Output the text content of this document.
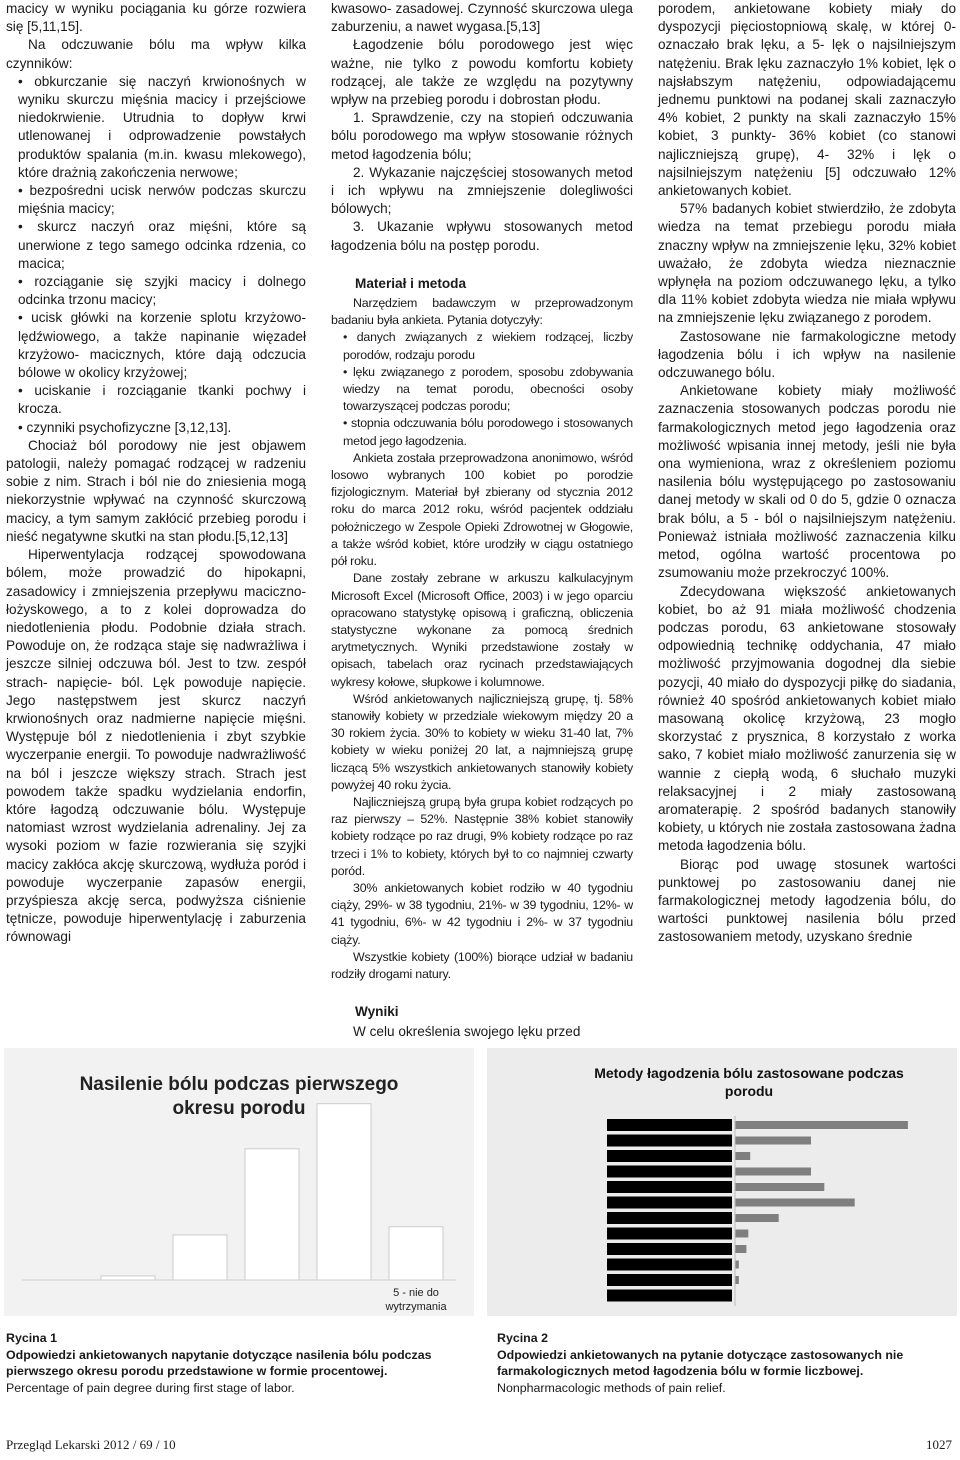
macicy w wyniku pociągania ku górze rozwiera się [5,11,15].

Na odczuwanie bólu ma wpływ kilka czynników:

• obkurczanie się naczyń krwionośnych w wyniku skurczu mięśnia macicy i przejściowe niedokrwienie. Utrudnia to dopływ krwi utlenowanej i odprowadzenie powstałych produktów spalania (m.in. kwasu mlekowego), które drażnią zakończenia nerwowe;

• bezpośredni ucisk nerwów podczas skurczu mięśnia macicy;

• skurcz naczyń oraz mięśni, które są unerwione z tego samego odcinka rdzenia, co macica;

• rozciąganie się szyjki macicy i dolnego odcinka trzonu macicy;

• ucisk główki na korzenie splotu krzyżowo-lędźwiowego, a także napinanie więzadeł krzyżowo- macicznych, które dają odczucia bólowe w okolicy krzyżowej;

• uciskanie i rozciąganie tkanki pochwy i krocza.

• czynniki psychofizyczne [3,12,13].

Chociaż ból porodowy nie jest objawem patologii, należy pomagać rodzącej w radzeniu sobie z nim. Strach i ból nie do zniesienia mogą niekorzystnie wpływać na czynność skurczową macicy, a tym samym zakłócić przebieg porodu i nieść negatywne skutki na stan płodu.[5,12,13]

Hiperwentylacja rodzącej spowodowana bólem, może prowadzić do hipokapni, zasadowicy i zmniejszenia przepływu maciczno-łożyskowego, a to z kolei doprowadza do niedotlenienia płodu. Podobnie działa strach. Powoduje on, że rodząca staje się nadwrażliwa i jeszcze silniej odczuwa ból. Jest to tzw. zespół strach- napięcie- ból. Lęk powoduje napięcie. Jego następstwem jest skurcz naczyń krwionośnych oraz nadmierne napięcie mięśni. Występuje ból z niedotlenienia i zbyt szybkie wyczerpanie energii. To powoduje nadwrażliwość na ból i jeszcze większy strach. Strach jest powodem także spadku wydzielania endorfin, które łagodzą odczuwanie bólu. Występuje natomiast wzrost wydzielania adrenaliny. Jej za wysoki poziom w fazie rozwierania się szyjki macicy zakłóca akcję skurczową, wydłuża poród i powoduje wyczerpanie zapasów energii, przyśpiesza akcję serca, podwyższa ciśnienie tętnicze, powoduje hiperwentylację i zaburzenia równowagi

kwasowo- zasadowej. Czynność skurczowa ulega zaburzeniu, a nawet wygasa.[5,13]

Łagodzenie bólu porodowego jest więc ważne, nie tylko z powodu komfortu kobiety rodzącej, ale także ze względu na pozytywny wpływ na przebieg porodu i dobrostan płodu.

1. Sprawdzenie, czy na stopień odczuwania bólu porodowego ma wpływ stosowanie różnych metod łagodzenia bólu;

2. Wykazanie najczęściej stosowanych metod i ich wpływu na zmniejszenie dolegliwości bólowych;

3. Ukazanie wpływu stosowanych metod łagodzenia bólu na postęp porodu.

Materiał i metoda

Narzędziem badawczym w przeprowadzonym badaniu była ankieta. Pytania dotyczyły:

• danych związanych z wiekiem rodzącej, liczby porodów, rodzaju porodu

• lęku związanego z porodem, sposobu zdobywania wiedzy na temat porodu, obecności osoby towarzyszącej podczas porodu;

• stopnia odczuwania bólu porodowego i stosowanych metod jego łagodzenia.

Ankieta została przeprowadzona anonimowo, wśród losowo wybranych 100 kobiet po porodzie fizjologicznym. Materiał był zbierany od stycznia 2012 roku do marca 2012 roku, wśród pacjentek oddziału położniczego w Zespole Opieki Zdrowotnej w Głogowie, a także wśród kobiet, które urodziły w ciągu ostatniego pół roku.

Dane zostały zebrane w arkuszu kalkulacyjnym Microsoft Excel (Microsoft Office, 2003) i w jego oparciu opracowano statystykę opisową i graficzną, obliczenia statystyczne wykonane za pomocą średnich arytmetycznych. Wyniki przedstawione zostały w opisach, tabelach oraz rycinach przedstawiających wykresy kołowe, słupkowe i kolumnowe.

Wśród ankietowanych najliczniejszą grupę, tj. 58% stanowiły kobiety w przedziale wiekowym między 20 a 30 rokiem życia. 30% to kobiety w wieku 31-40 lat, 7% kobiety w wieku poniżej 20 lat, a najmniejszą grupę liczącą 5% wszystkich ankietowanych stanowiły kobiety powyżej 40 roku życia.

Najliczniejszą grupą była grupa kobiet rodzących po raz pierwszy – 52%. Następnie 38% kobiet stanowiły kobiety rodzące po raz drugi, 9% kobiety rodzące po raz trzeci i 1% to kobiety, których był to co najmniej czwarty poród.

30% ankietowanych kobiet rodziło w 40 tygodniu ciąży, 29%- w 38 tygodniu, 21%- w 39 tygodniu, 12%- w 41 tygodniu, 6%- w 42 tygodniu i 2%- w 37 tygodniu ciąży.

Wszystkie kobiety (100%) biorące udział w badaniu rodziły drogami natury.

Wyniki

W celu określenia swojego lęku przed

porodem, ankietowane kobiety miały do dyspozycji pięciostopniową skalę, w której 0- oznaczało brak lęku, a 5- lęk o najsilniejszym natężeniu. Brak lęku zaznaczyło 1% kobiet, lęk o najsłabszym natężeniu, odpowiadającemu jednemu punktowi na podanej skali zaznaczyło 4% kobiet, 2 punkty na skali zaznaczyło 15% kobiet, 3 punkty- 36% kobiet (co stanowi najliczniejszą grupę), 4- 32% i lęk o najsilniejszym natężeniu [5] odczuwało 12% ankietowanych kobiet.

57% badanych kobiet stwierdziło, że zdobyta wiedza na temat przebiegu porodu miała znaczny wpływ na zmniejszenie lęku, 32% kobiet uważało, że zdobyta wiedza nieznacznie wpłynęła na poziom odczuwanego lęku, a tylko dla 11% kobiet zdobyta wiedza nie miała wpływu na zmniejszenie lęku związanego z porodem.

Zastosowane nie farmakologiczne metody łagodzenia bólu i ich wpływ na nasilenie odczuwanego bólu.

Ankietowane kobiety miały możliwość zaznaczenia stosowanych podczas porodu nie farmakologicznych metod jego łagodzenia oraz możliwość wpisania innej metody, jeśli nie była ona wymieniona, wraz z określeniem poziomu nasilenia bólu występującego po zastosowaniu danej metody w skali od 0 do 5, gdzie 0 oznacza brak bólu, a 5 - ból o najsilniejszym natężeniu. Ponieważ istniała możliwość zaznaczenia kilku metod, ogólna wartość procentowa po zsumowaniu może przekroczyć 100%.

Zdecydowana większość ankietowanych kobiet, bo aż 91 miała możliwość chodzenia podczas porodu, 63 ankietowane stosowały odpowiednią technikę oddychania, 47 miało możliwość przyjmowania dogodnej dla siebie pozycji, 40 miało do dyspozycji piłkę do siadania, również 40 spośród ankietowanych kobiet miało masowaną okolicę krzyżową, 23 mogło skorzystać z prysznica, 8 korzystało z worka sako, 7 kobiet miało możliwość zanurzenia się w wannie z ciepłą wodą, 6 słuchało muzyki relaksacyjnej i 2 miały zastosowaną aromaterapię. 2 spośród badanych stanowiły kobiety, u których nie została zastosowana żadna metoda łagodzenia bólu.

Biorąc pod uwagę stosunek wartości punktowej po zastosowaniu danej nie farmakologicznej metody łagodzenia bólu, do wartości punktowej nasilenia bólu przed zastosowaniem metody, uzyskano średnie

Nasilenie bólu podczas pierwszego okresu porodu
5 - nie do wytrzymania
Metody łagodzenia bólu zastosowane podczas porodu
Rycina 1
Odpowiedzi ankietowanych napytanie dotyczące nasilenia bólu podczas pierwszego okresu porodu przedstawione w formie procentowej.
Percentage of pain degree during first stage of labor.
Rycina 2
Odpowiedzi ankietowanych na pytanie dotyczące zastosowanych nie farmakologicznych metod łagodzenia bólu w formie liczbowej.
Nonpharmacologic methods of pain relief.
Przegląd Lekarski 2012 / 69 / 10	1027
